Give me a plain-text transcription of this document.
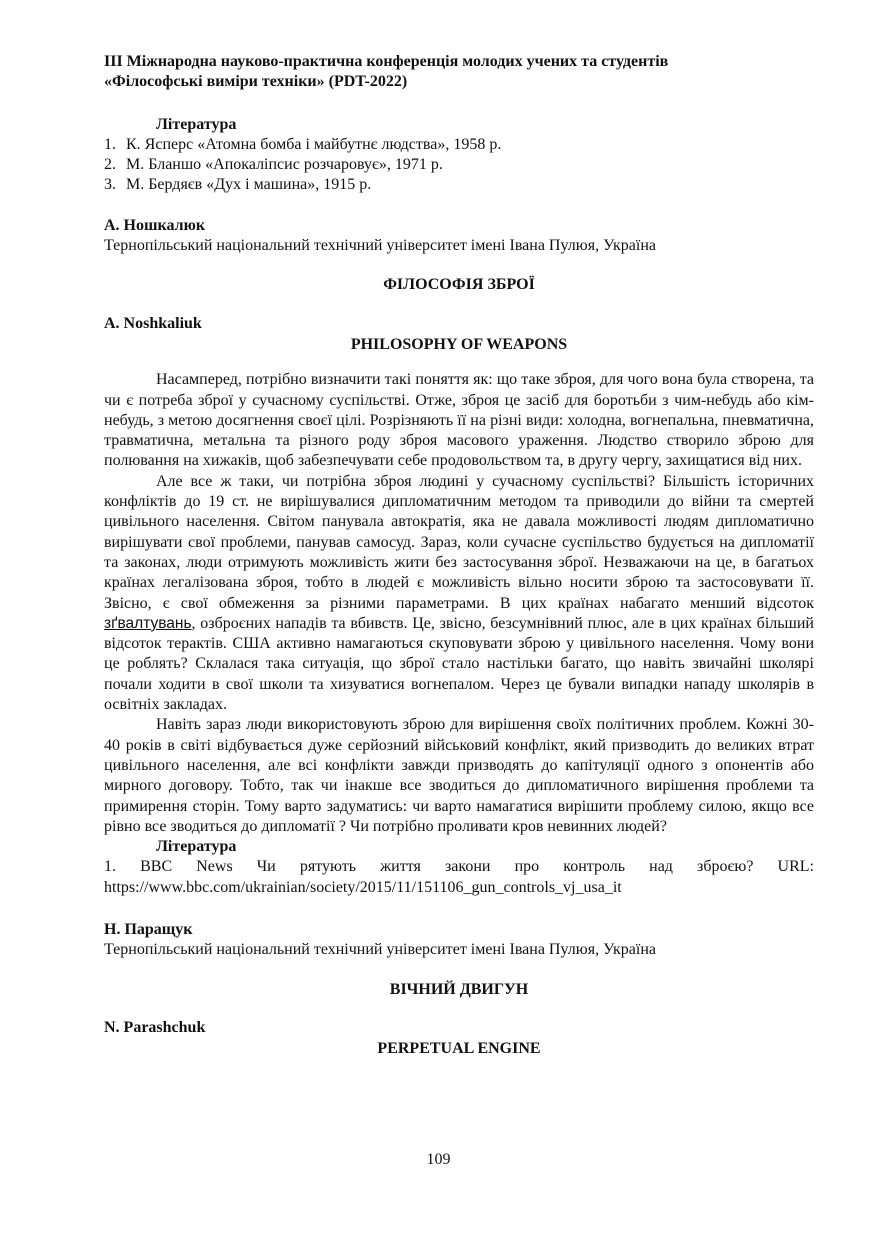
III Міжнародна науково-практична конференція молодих учених та студентів
«Філософські виміри техніки» (PDT-2022)
Література
1. К. Ясперс «Атомна бомба і майбутнє людства», 1958 р.
2. М. Бланшо «Апокаліпсис розчаровує», 1971 р.
3. М. Бердяєв «Дух і машина», 1915 р.
А. Ношкалюк
Тернопільський національний технічний університет імені Івана Пулюя, Україна
ФІЛОСОФІЯ ЗБРОЇ
A. Noshkaliuk
PHILOSOPHY OF WEAPONS

Насамперед, потрібно визначити такі поняття як: що таке зброя, для чого вона була створена, та чи є потреба зброї у сучасному суспільстві. Отже, зброя це засіб для боротьби з чим-небудь або кім-небудь, з метою досягнення своєї цілі. Розрізняють її на різні види: холодна, вогнепальна, пневматична, травматична, метальна та різного роду зброя масового ураження. Людство створило зброю для полювання на хижаків, щоб забезпечувати себе продовольством та, в другу чергу, захищатися від них.

Але все ж таки, чи потрібна зброя людині у сучасному суспільстві? Більшість історичних конфліктів до 19 ст. не вирішувалися дипломатичним методом та приводили до війни та смертей цивільного населення. Світом панувала автократія, яка не давала можливості людям дипломатично вирішувати свої проблеми, панував самосуд. Зараз, коли сучасне суспільство будується на дипломатії та законах, люди отримують можливість жити без застосування зброї. Незважаючи на це, в багатьох країнах легалізована зброя, тобто в людей є можливість вільно носити зброю та застосовувати її. Звісно, є свої обмеження за різними параметрами. В цих країнах набагато менший відсоток зґвалтувань, озброєних нападів та вбивств. Це, звісно, безсумнівний плюс, але в цих країнах більший відсоток терактів. США активно намагаються скуповувати зброю у цивільного населення. Чому вони це роблять? Склалася така ситуація, що зброї стало настільки багато, що навіть звичайні школярі почали ходити в свої школи та хизуватися вогнепалом. Через це бували випадки нападу школярів в освітніх закладах.

Навіть зараз люди використовують зброю для вирішення своїх політичних проблем. Кожні 30-40 років в світі відбувається дуже серйозний військовий конфлікт, який призводить до великих втрат цивільного населення, але всі конфлікти завжди призводять до капітуляції одного з опонентів або мирного договору. Тобто, так чи інакше все зводиться до дипломатичного вирішення проблеми та примирення сторін. Тому варто задуматись: чи варто намагатися вирішити проблему силою, якщо все рівно все зводиться до дипломатії ? Чи потрібно проливати кров невинних людей?

Література
1. BBC News Чи рятують життя закони про контроль над зброєю? URL:
https://www.bbc.com/ukrainian/society/2015/11/151106_gun_controls_vj_usa_it
Н. Паращук
Тернопільський національний технічний університет імені Івана Пулюя, Україна
ВІЧНИЙ ДВИГУН
N. Parashchuk
PERPETUAL ENGINE
109
